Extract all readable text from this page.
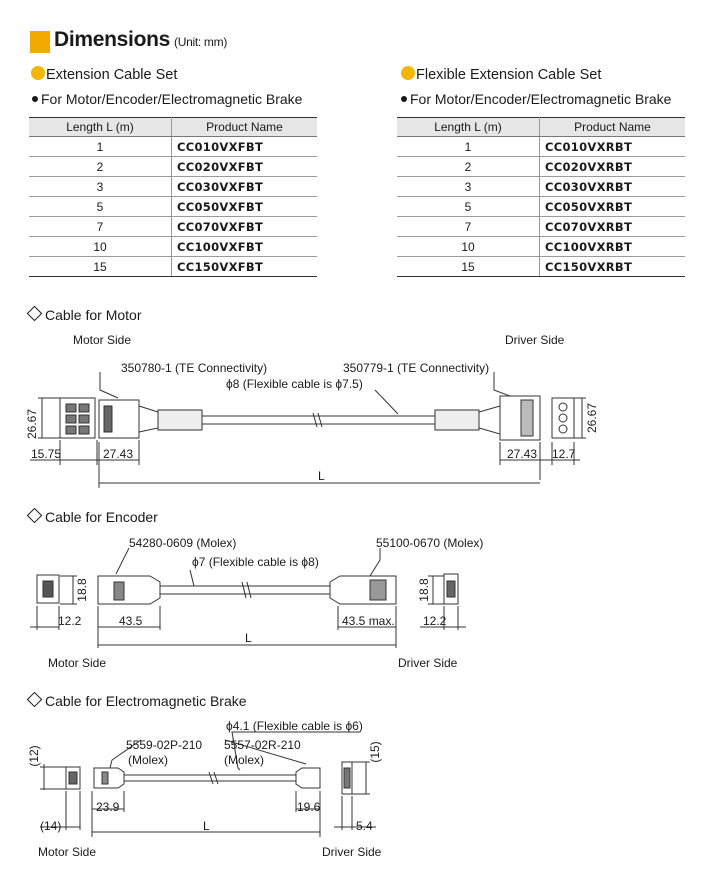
Dimensions (Unit: mm)
Extension Cable Set
For Motor/Encoder/Electromagnetic Brake
Length L (m)	Product Name
1	CC010VXFBT
2	CC020VXFBT
3	CC030VXFBT
5	CC050VXFBT
7	CC070VXFBT
10	CC100VXFBT
15	CC150VXFBT
Flexible Extension Cable Set
For Motor/Encoder/Electromagnetic Brake
Length L (m)	Product Name
1	CC010VXRBT
2	CC020VXRBT
3	CC030VXRBT
5	CC050VXRBT
7	CC070VXRBT
10	CC100VXRBT
15	CC150VXRBT
Cable for Motor
Motor Side	Driver Side
350780-1 (TE Connectivity)	350779-1 (TE Connectivity)
ϕ8 (Flexible cable is ϕ7.5)
26.67
15.75	27.43	27.43 12.7
26.67
L
Cable for Encoder
54280-0609 (Molex)	55100-0670 (Molex)
ϕ7 (Flexible cable is ϕ8)
18.8
12.2	43.5	43.5 max.
18.8
12.2
L
Motor Side	Driver Side
Cable for Electromagnetic Brake
5559-02P-210
(Molex)
5557-02R-210
(Molex)
ϕ4.1 (Flexible cable is ϕ6)
(12)
(14)
23.9	19.6
(15)
5.4
L
Motor Side	Driver Side
